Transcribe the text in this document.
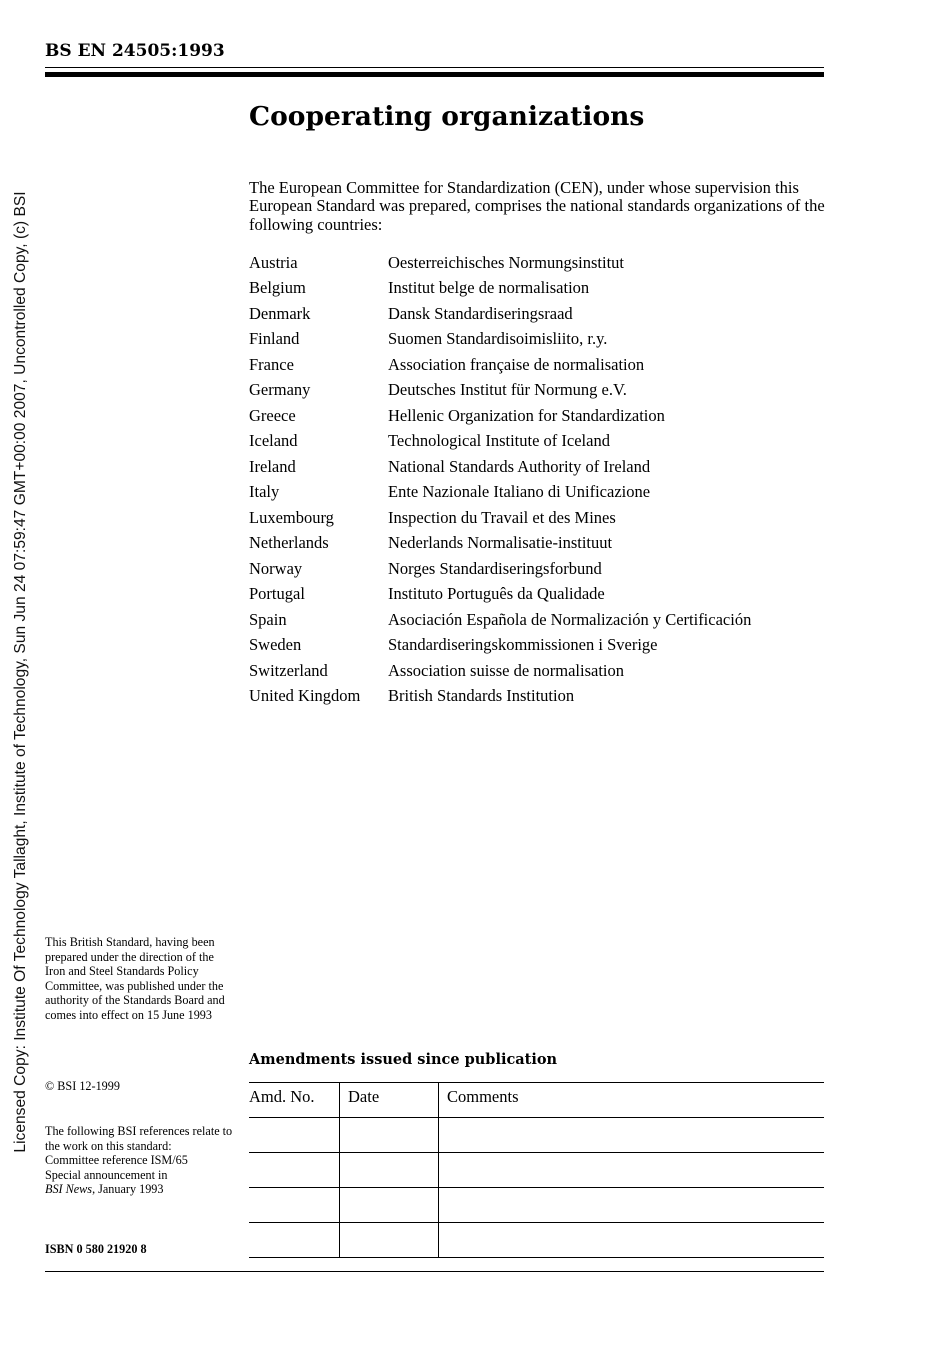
Licensed Copy: Institute Of Technology Tallaght, Institute of Technology, Sun Jun 24 07:59:47 GMT+00:00 2007, Uncontrolled Copy, (c) BSI
BS EN 24505:1993
Cooperating organizations
The European Committee for Standardization (CEN), under whose supervision this European Standard was prepared, comprises the national standards organizations of the following countries:
Austria	Oesterreichisches Normungsinstitut
Belgium	Institut belge de normalisation
Denmark	Dansk Standardiseringsraad
Finland	Suomen Standardisoimisliito, r.y.
France	Association française de normalisation
Germany	Deutsches Institut für Normung e.V.
Greece	Hellenic Organization for Standardization
Iceland	Technological Institute of Iceland
Ireland	National Standards Authority of Ireland
Italy	Ente Nazionale Italiano di Unificazione
Luxembourg	Inspection du Travail et des Mines
Netherlands	Nederlands Normalisatie-instituut
Norway	Norges Standardiseringsforbund
Portugal	Instituto Português da Qualidade
Spain	Asociación Española de Normalización y Certificación
Sweden	Standardiseringskommissionen i Sverige
Switzerland	Association suisse de normalisation
United Kingdom	British Standards Institution
This British Standard, having been prepared under the direction of the Iron and Steel Standards Policy Committee, was published under the authority of the Standards Board and comes into effect on 15 June 1993
© BSI 12-1999

The following BSI references relate to the work on this standard:

Committee reference ISM/65

Special announcement in

BSI News, January 1993

ISBN 0 580 21920 8
Amendments issued since publication
Amd. No.	Date	Comments
